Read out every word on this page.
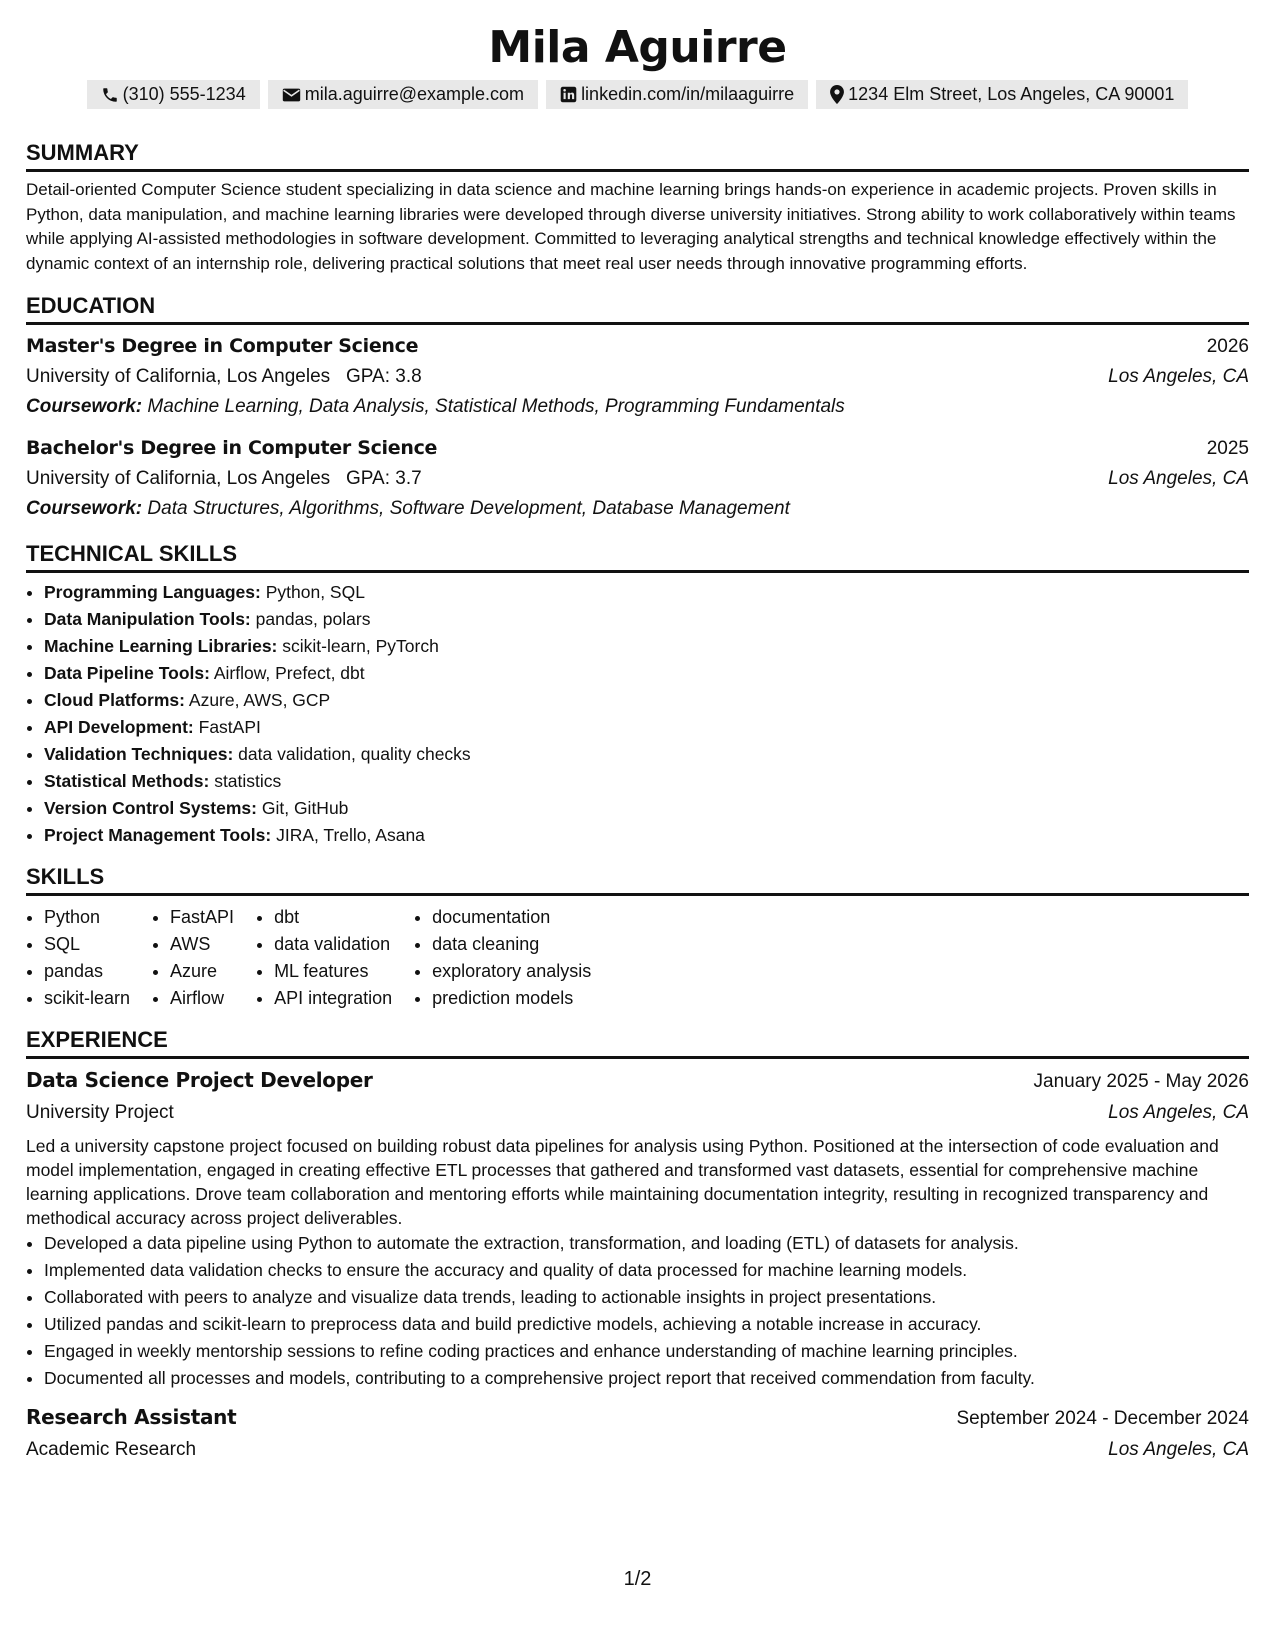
Mila Aguirre
(310) 555-1234	mila.aguirre@example.com	linkedin.com/in/milaaguirre	1234 Elm Street, Los Angeles, CA 90001
SUMMARY
Detail-oriented Computer Science student specializing in data science and machine learning brings hands-on experience in academic projects. Proven skills in Python, data manipulation, and machine learning libraries were developed through diverse university initiatives. Strong ability to work collaboratively within teams while applying AI-assisted methodologies in software development. Committed to leveraging analytical strengths and technical knowledge effectively within the dynamic context of an internship role, delivering practical solutions that meet real user needs through innovative programming efforts.
EDUCATION
Master's Degree in Computer Science	2026
University of California, Los Angeles GPA: 3.8	Los Angeles, CA
Coursework: Machine Learning, Data Analysis, Statistical Methods, Programming Fundamentals
Bachelor's Degree in Computer Science	2025
University of California, Los Angeles GPA: 3.7	Los Angeles, CA
Coursework: Data Structures, Algorithms, Software Development, Database Management
TECHNICAL SKILLS
• Programming Languages: Python, SQL
• Data Manipulation Tools: pandas, polars
• Machine Learning Libraries: scikit-learn, PyTorch
• Data Pipeline Tools: Airflow, Prefect, dbt
• Cloud Platforms: Azure, AWS, GCP
• API Development: FastAPI
• Validation Techniques: data validation, quality checks
• Statistical Methods: statistics
• Version Control Systems: Git, GitHub
• Project Management Tools: JIRA, Trello, Asana
SKILLS
• Python
• SQL
• pandas
• scikit-learn
• FastAPI
• AWS
• Azure
• Airflow
• dbt
• data validation
• ML features
• API integration
• documentation
• data cleaning
• exploratory analysis
• prediction models
EXPERIENCE
Data Science Project Developer	January 2025 - May 2026
University Project	Los Angeles, CA
Led a university capstone project focused on building robust data pipelines for analysis using Python. Positioned at the intersection of code evaluation and model implementation, engaged in creating effective ETL processes that gathered and transformed vast datasets, essential for comprehensive machine learning applications. Drove team collaboration and mentoring efforts while maintaining documentation integrity, resulting in recognized transparency and methodical accuracy across project deliverables.
• Developed a data pipeline using Python to automate the extraction, transformation, and loading (ETL) of datasets for analysis.
• Implemented data validation checks to ensure the accuracy and quality of data processed for machine learning models.
• Collaborated with peers to analyze and visualize data trends, leading to actionable insights in project presentations.
• Utilized pandas and scikit-learn to preprocess data and build predictive models, achieving a notable increase in accuracy.
• Engaged in weekly mentorship sessions to refine coding practices and enhance understanding of machine learning principles.
• Documented all processes and models, contributing to a comprehensive project report that received commendation from faculty.
Research Assistant	September 2024 - December 2024
Academic Research	Los Angeles, CA
1/2
